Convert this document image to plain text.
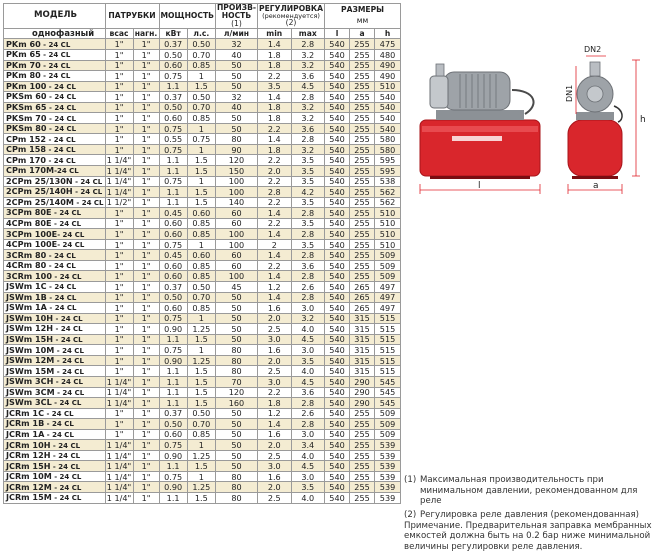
МОДЕЛЬ	ПАТРУБКИ		МОЩНОСТЬ		ПРОИЗВ-
НОСТЬ
(1)	РЕГУЛИРОВКА
(рекомендуется)
(2)		РАЗМЕРЫ
мм		

однофазный	всас	нагн.	кВт	л.с.	л/мин	min	max	l	a	h
PKm 60 - 24 CL	1"	1"	0.37	0.50	32	1.4	2.8	540	255	475
PKm 65 - 24 CL	1"	1"	0.50	0.70	40	1.8	3.2	540	255	480
PKm 70 - 24 CL	1"	1"	0.60	0.85	50	1.8	3.2	540	255	490
PKm 80 - 24 CL	1"	1"	0.75	1	50	2.2	3.6	540	255	490
PKm 100 - 24 CL	1"	1"	1.1	1.5	50	3.5	4.5	540	255	510
PKSm 60 - 24 CL	1"	1"	0.37	0.50	32	1.4	2.8	540	255	540
PKSm 65 - 24 CL	1"	1"	0.50	0.70	40	1.8	3.2	540	255	540
PKSm 70 - 24 CL	1"	1"	0.60	0.85	50	1.8	3.2	540	255	540
PKSm 80 - 24 CL	1"	1"	0.75	1	50	2.2	3.6	540	255	540
CPm 152 - 24 CL	1"	1"	0.55	0.75	80	1.4	2.8	540	255	580
CPm 158 - 24 CL	1"	1"	0.75	1	90	1.8	3.2	540	255	580
CPm 170 - 24 CL	1 1/4"	1"	1.1	1.5	120	2.2	3.5	540	255	595
CPm 170M-24 CL	1 1/4"	1"	1.1	1.5	150	2.0	3.5	540	255	595
2CPm 25/130N - 24 CL	1 1/4"	1"	0.75	1	100	2.2	3.5	540	255	538
2CPm 25/140H - 24 CL	1 1/4"	1"	1.1	1.5	100	2.8	4.2	540	255	562
2CPm 25/140M - 24 CL	1 1/2"	1"	1.1	1.5	140	2.2	3.5	540	255	562
3CPm 80E - 24 CL	1"	1"	0.45	0.60	60	1.4	2.8	540	255	510
4CPm 80E - 24 CL	1"	1"	0.60	0.85	60	2.2	3.5	540	255	510
3CPm 100E- 24 CL	1"	1"	0.60	0.85	100	1.4	2.8	540	255	510
4CPm 100E- 24 CL	1"	1"	0.75	1	100	2	3.5	540	255	510
3CRm 80 - 24 CL	1"	1"	0.45	0.60	60	1.4	2.8	540	255	509
4CRm 80 - 24 CL	1"	1"	0.60	0.85	60	2.2	3.6	540	255	509
3CRm 100 - 24 CL	1"	1"	0.60	0.85	100	1.4	2.8	540	255	509
JSWm 1C - 24 CL	1"	1"	0.37	0.50	45	1.2	2.6	540	265	497
JSWm 1B - 24 CL	1"	1"	0.50	0.70	50	1.4	2.8	540	265	497
JSWm 1A - 24 CL	1"	1"	0.60	0.85	50	1.6	3.0	540	265	497
JSWm 10H - 24 CL	1"	1"	0.75	1	50	2.0	3.2	540	315	515
JSWm 12H - 24 CL	1"	1"	0.90	1.25	50	2.5	4.0	540	315	515
JSWm 15H - 24 CL	1"	1"	1.1	1.5	50	3.0	4.5	540	315	515
JSWm 10M - 24 CL	1"	1"	0.75	1	80	1.6	3.0	540	315	515
JSWm 12M - 24 CL	1"	1"	0.90	1.25	80	2.0	3.5	540	315	515
JSWm 15M - 24 CL	1"	1"	1.1	1.5	80	2.5	4.0	540	315	515
JSWm 3CH - 24 CL	1 1/4"	1"	1.1	1.5	70	3.0	4.5	540	290	545
JSWm 3CM - 24 CL	1 1/4"	1"	1.1	1.5	120	2.2	3.6	540	290	545
JSWm 3CL - 24 CL	1 1/4"	1"	1.1	1.5	160	1.8	2.8	540	290	545
JCRm 1C - 24 CL	1"	1"	0.37	0.50	50	1.2	2.6	540	255	509
JCRm 1B - 24 CL	1"	1"	0.50	0.70	50	1.4	2.8	540	255	509
JCRm 1A - 24 CL	1"	1"	0.60	0.85	50	1.6	3.0	540	255	509
JCRm 10H - 24 CL	1 1/4"	1"	0.75	1	50	2.0	3.4	540	255	539
JCRm 12H - 24 CL	1 1/4"	1"	0.90	1.25	50	2.5	4.0	540	255	539
JCRm 15H - 24 CL	1 1/4"	1"	1.1	1.5	50	3.0	4.5	540	255	539
JCRm 10M - 24 CL	1 1/4"	1"	0.75	1	80	1.6	3.0	540	255	539
JCRm 12M - 24 CL	1 1/4"	1"	0.90	1.25	80	2.0	3.5	540	255	539
JCRm 15M - 24 CL	1 1/4"	1"	1.1	1.5	80	2.5	4.0	540	255	539
l
DN2
DN1
h
a
(1) Максимальная производительность при минимальном давлении, рекомендованном для реле
(2) Регулировка реле давления (рекомендованная)
Примечание. Предварительная заправка мембранных емкостей должна быть на 0.2 бар ниже минимальной величины регулировки реле давления.
